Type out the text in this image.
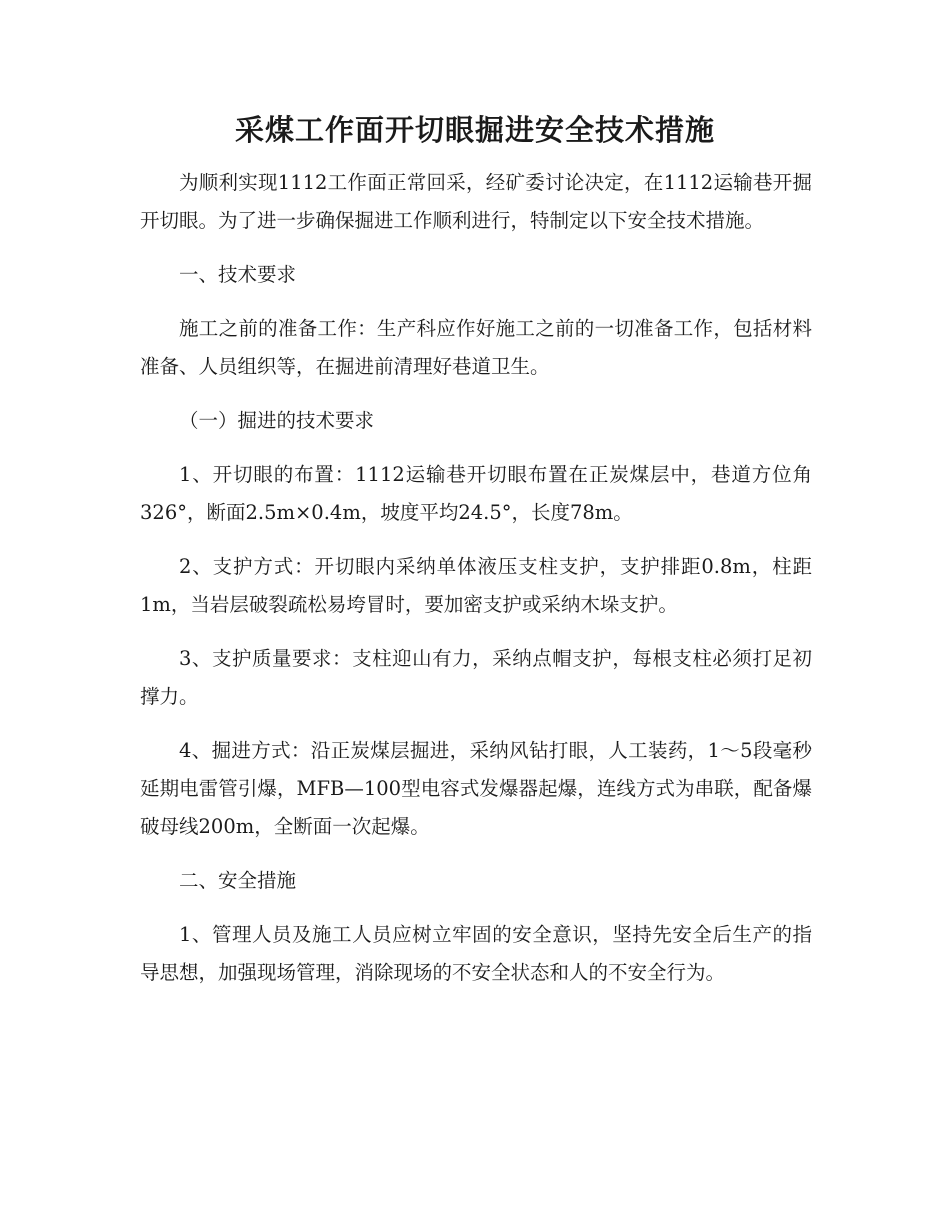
采煤工作面开切眼掘进安全技术措施

为顺利实现1112工作面正常回采，经矿委讨论决定，在1112运输巷开掘开切眼。为了进一步确保掘进工作顺利进行，特制定以下安全技术措施。

一、技术要求

施工之前的准备工作：生产科应作好施工之前的一切准备工作，包括材料准备、人员组织等，在掘进前清理好巷道卫生。

（一）掘进的技术要求

1、开切眼的布置：1112运输巷开切眼布置在正炭煤层中，巷道方位角326°，断面2.5m×0.4m，坡度平均24.5°，长度78m。

2、支护方式：开切眼内采纳单体液压支柱支护，支护排距0.8m，柱距1m，当岩层破裂疏松易垮冒时，要加密支护或采纳木垛支护。

3、支护质量要求：支柱迎山有力，采纳点帽支护，每根支柱必须打足初撑力。

4、掘进方式：沿正炭煤层掘进，采纳风钻打眼，人工装药，1～5段毫秒延期电雷管引爆，MFB—100型电容式发爆器起爆，连线方式为串联，配备爆破母线200m，全断面一次起爆。

二、安全措施

1、管理人员及施工人员应树立牢固的安全意识，坚持先安全后生产的指导思想，加强现场管理，消除现场的不安全状态和人的不安全行为。
